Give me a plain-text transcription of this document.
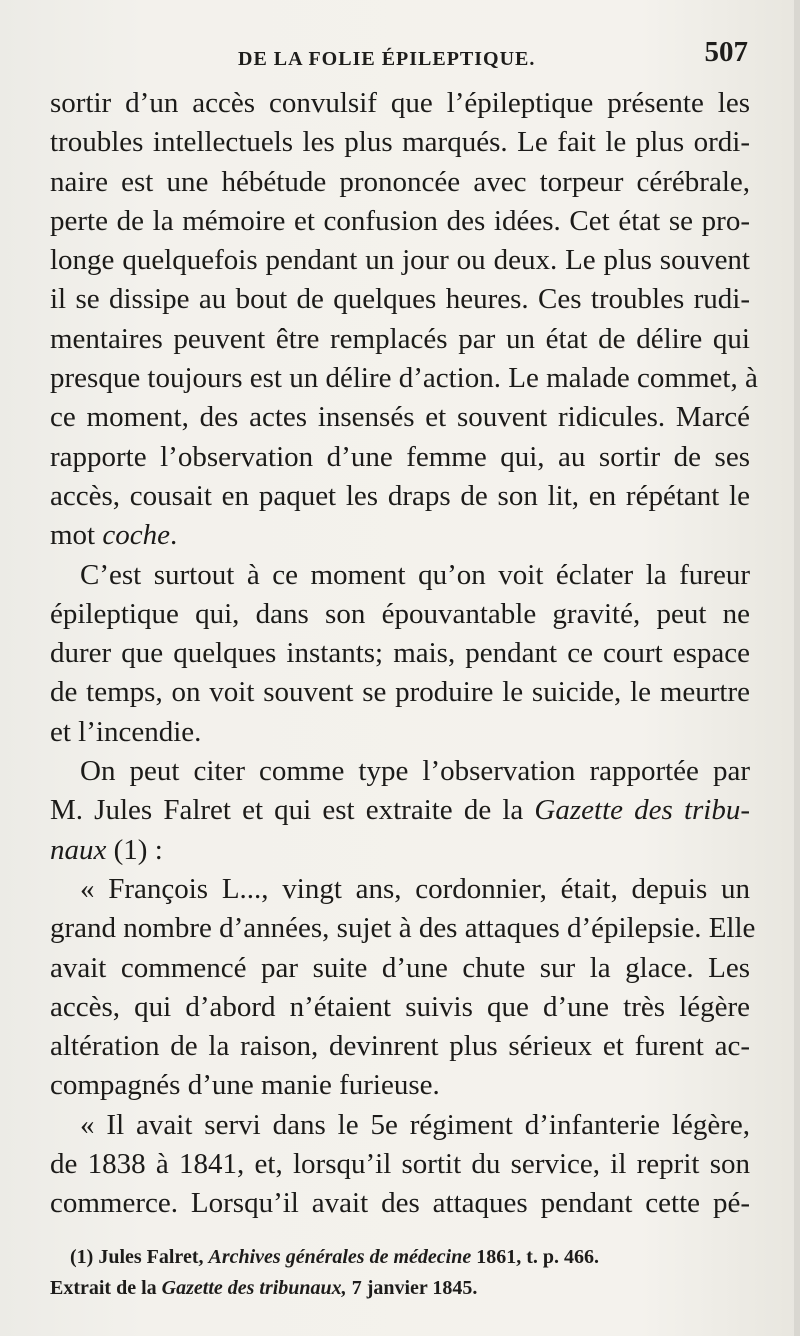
DE LA FOLIE ÉPILEPTIQUE.	507
sortir d’un accès convulsif que l’épileptique présente les
troubles intellectuels les plus marqués. Le fait le plus ordi-
naire est une hébétude prononcée avec torpeur cérébrale,
perte de la mémoire et confusion des idées. Cet état se pro-
longe quelquefois pendant un jour ou deux. Le plus souvent
il se dissipe au bout de quelques heures. Ces troubles rudi-
mentaires peuvent être remplacés par un état de délire qui
presque toujours est un délire d’action. Le malade commet, à
ce moment, des actes insensés et souvent ridicules. Marcé
rapporte l’observation d’une femme qui, au sortir de ses
accès, cousait en paquet les draps de son lit, en répétant le
mot coche.
C’est surtout à ce moment qu’on voit éclater la fureur
épileptique qui, dans son épouvantable gravité, peut ne
durer que quelques instants; mais, pendant ce court espace
de temps, on voit souvent se produire le suicide, le meurtre
et l’incendie.
On peut citer comme type l’observation rapportée par
M. Jules Falret et qui est extraite de la Gazette des tribu-
naux (1) :
« François L..., vingt ans, cordonnier, était, depuis un
grand nombre d’années, sujet à des attaques d’épilepsie. Elle
avait commencé par suite d’une chute sur la glace. Les
accès, qui d’abord n’étaient suivis que d’une très légère
altération de la raison, devinrent plus sérieux et furent ac-
compagnés d’une manie furieuse.
« Il avait servi dans le 5e régiment d’infanterie légère,
de 1838 à 1841, et, lorsqu’il sortit du service, il reprit son
commerce. Lorsqu’il avait des attaques pendant cette pé-
(1) Jules Falret, Archives générales de médecine 1861, t. p. 466.
Extrait de la Gazette des tribunaux, 7 janvier 1845.
